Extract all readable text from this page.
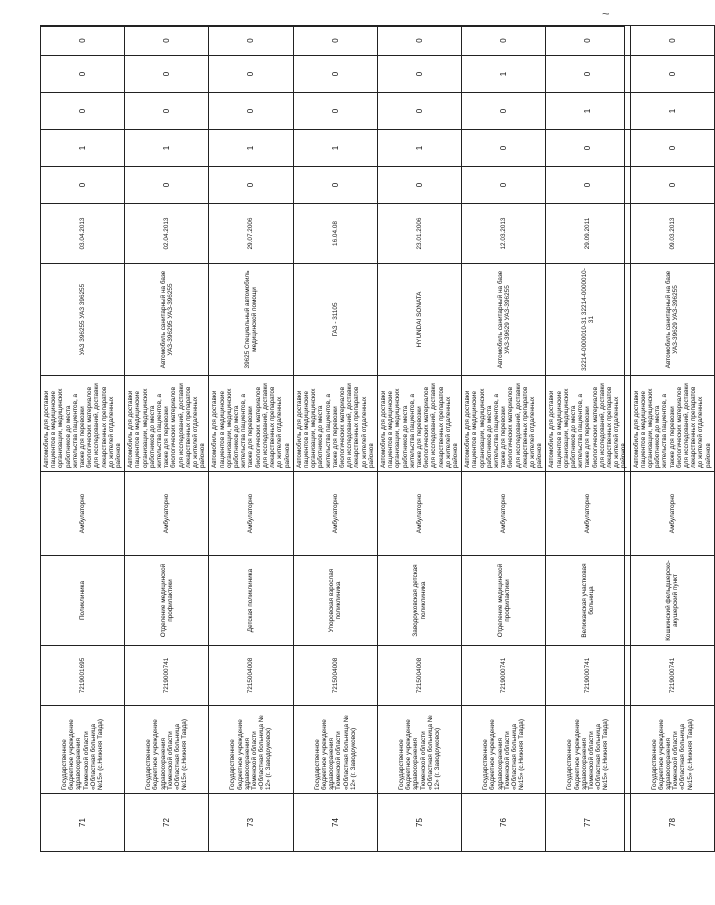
~
71	Государственное бюджетное учреждение здравоохранения Тюменской области «Областная больница №15» (с.Нижняя Тавда)	7219001695	Поликлиника	Амбулаторно	Автомобиль для доставки пациентов в медицинские организации, медицинских работников до места жительства пациентов, а также для перевозки биологических материалов для исследований, доставки лекарственных препаратов до жителей отдаленных районов	УАЗ 396255 УАЗ 396255	03.04.2013	0	1	0	0	0
72	Государственное бюджетное учреждение здравоохранения Тюменской области «Областная больница №15» (с.Нижняя Тавда)	7219000741	Отделение медицинской профилактики	Амбулаторно	Автомобиль для доставки пациентов в медицинские организации, медицинских работников до места жительства пациентов, а также для перевозки биологических материалов для исследований, доставки лекарственных препаратов до жителей отдаленных районов	Автомобиль санитарный на базе УАЗ-396295 УАЗ-396255	02.04.2013	0	1	0	0	0
73	Государственное бюджетное учреждение здравоохранения Тюменской области «Областная больница № 12» (г. Заводоуковск)	7215004008	Детская поликлиника	Амбулаторно	Автомобиль для доставки пациентов в медицинские организации, медицинских работников до места жительства пациентов, а также для перевозки биологических материалов для исследований, доставки лекарственных препаратов до жителей отдаленных районов	39625 Специальный автомобиль медицинской помощи	29.07.2006	0	1	0	0	0
74	Государственное бюджетное учреждение здравоохранения Тюменской области «Областная больница № 12» (г. Заводоуковск)	7215004008	Упоровская взрослая поликлиника	Амбулаторно	Автомобиль для доставки пациентов в медицинские организации, медицинских работников до места жительства пациентов, а также для перевозки биологических материалов для исследований, доставки лекарственных препаратов до жителей отдаленных районов	ГАЗ - 31105	16.04.08	0	1	0	0	0
75	Государственное бюджетное учреждение здравоохранения Тюменской области «Областная больница № 12» (г. Заводоуковск)	7215004008	Заводоуковская детская поликлиника	Амбулаторно	Автомобиль для доставки пациентов в медицинские организации, медицинских работников до места жительства пациентов, а также для перевозки биологических материалов для исследований, доставки лекарственных препаратов до жителей отдаленных районов	HYUNDAI SONATA	23.01.2006	0	1	0	0	0
76	Государственное бюджетное учреждение здравоохранения Тюменской области «Областная больница №15» (с.Нижняя Тавда)	7219000741	Отделение медицинской профилактики	Амбулаторно	Автомобиль для доставки пациентов в медицинские организации, медицинских работников до места жительства пациентов, а также для перевозки биологических материалов для исследований, доставки лекарственных препаратов до жителей отдаленных районов	Автомобиль санитарный на базе УАЗ-39629 УАЗ-396255	12.03.2013	0	0	0	1	0
77	Государственное бюджетное учреждение здравоохранения Тюменской области «Областная больница №15» (с.Нижняя Тавда)	7219000741	Велижанская участковая больница	Амбулаторно	Автомобиль для доставки пациентов в медицинские организации, медицинских работников до места жительства пациентов, а также для перевозки биологических материалов для исследований, доставки лекарственных препаратов до жителей отдаленных районов	32214-0000010-31 32214-0000010-31	29.09.2011	0	0	1	0	0
78	Государственное бюджетное учреждение здравоохранения Тюменской области «Областная больница №15» (с.Нижняя Тавда)	7219000741	Кошкинский фельдшерско-акушерский пункт	Амбулаторно	Автомобиль для доставки пациентов в медицинские организации, медицинских работников до места жительства пациентов, а также для перевозки биологических материалов для исследований, доставки лекарственных препаратов до жителей отдаленных районов	Автомобиль санитарный на базе УАЗ-39629 УАЗ-396255	09.03.2013	0	0	1	0	0
